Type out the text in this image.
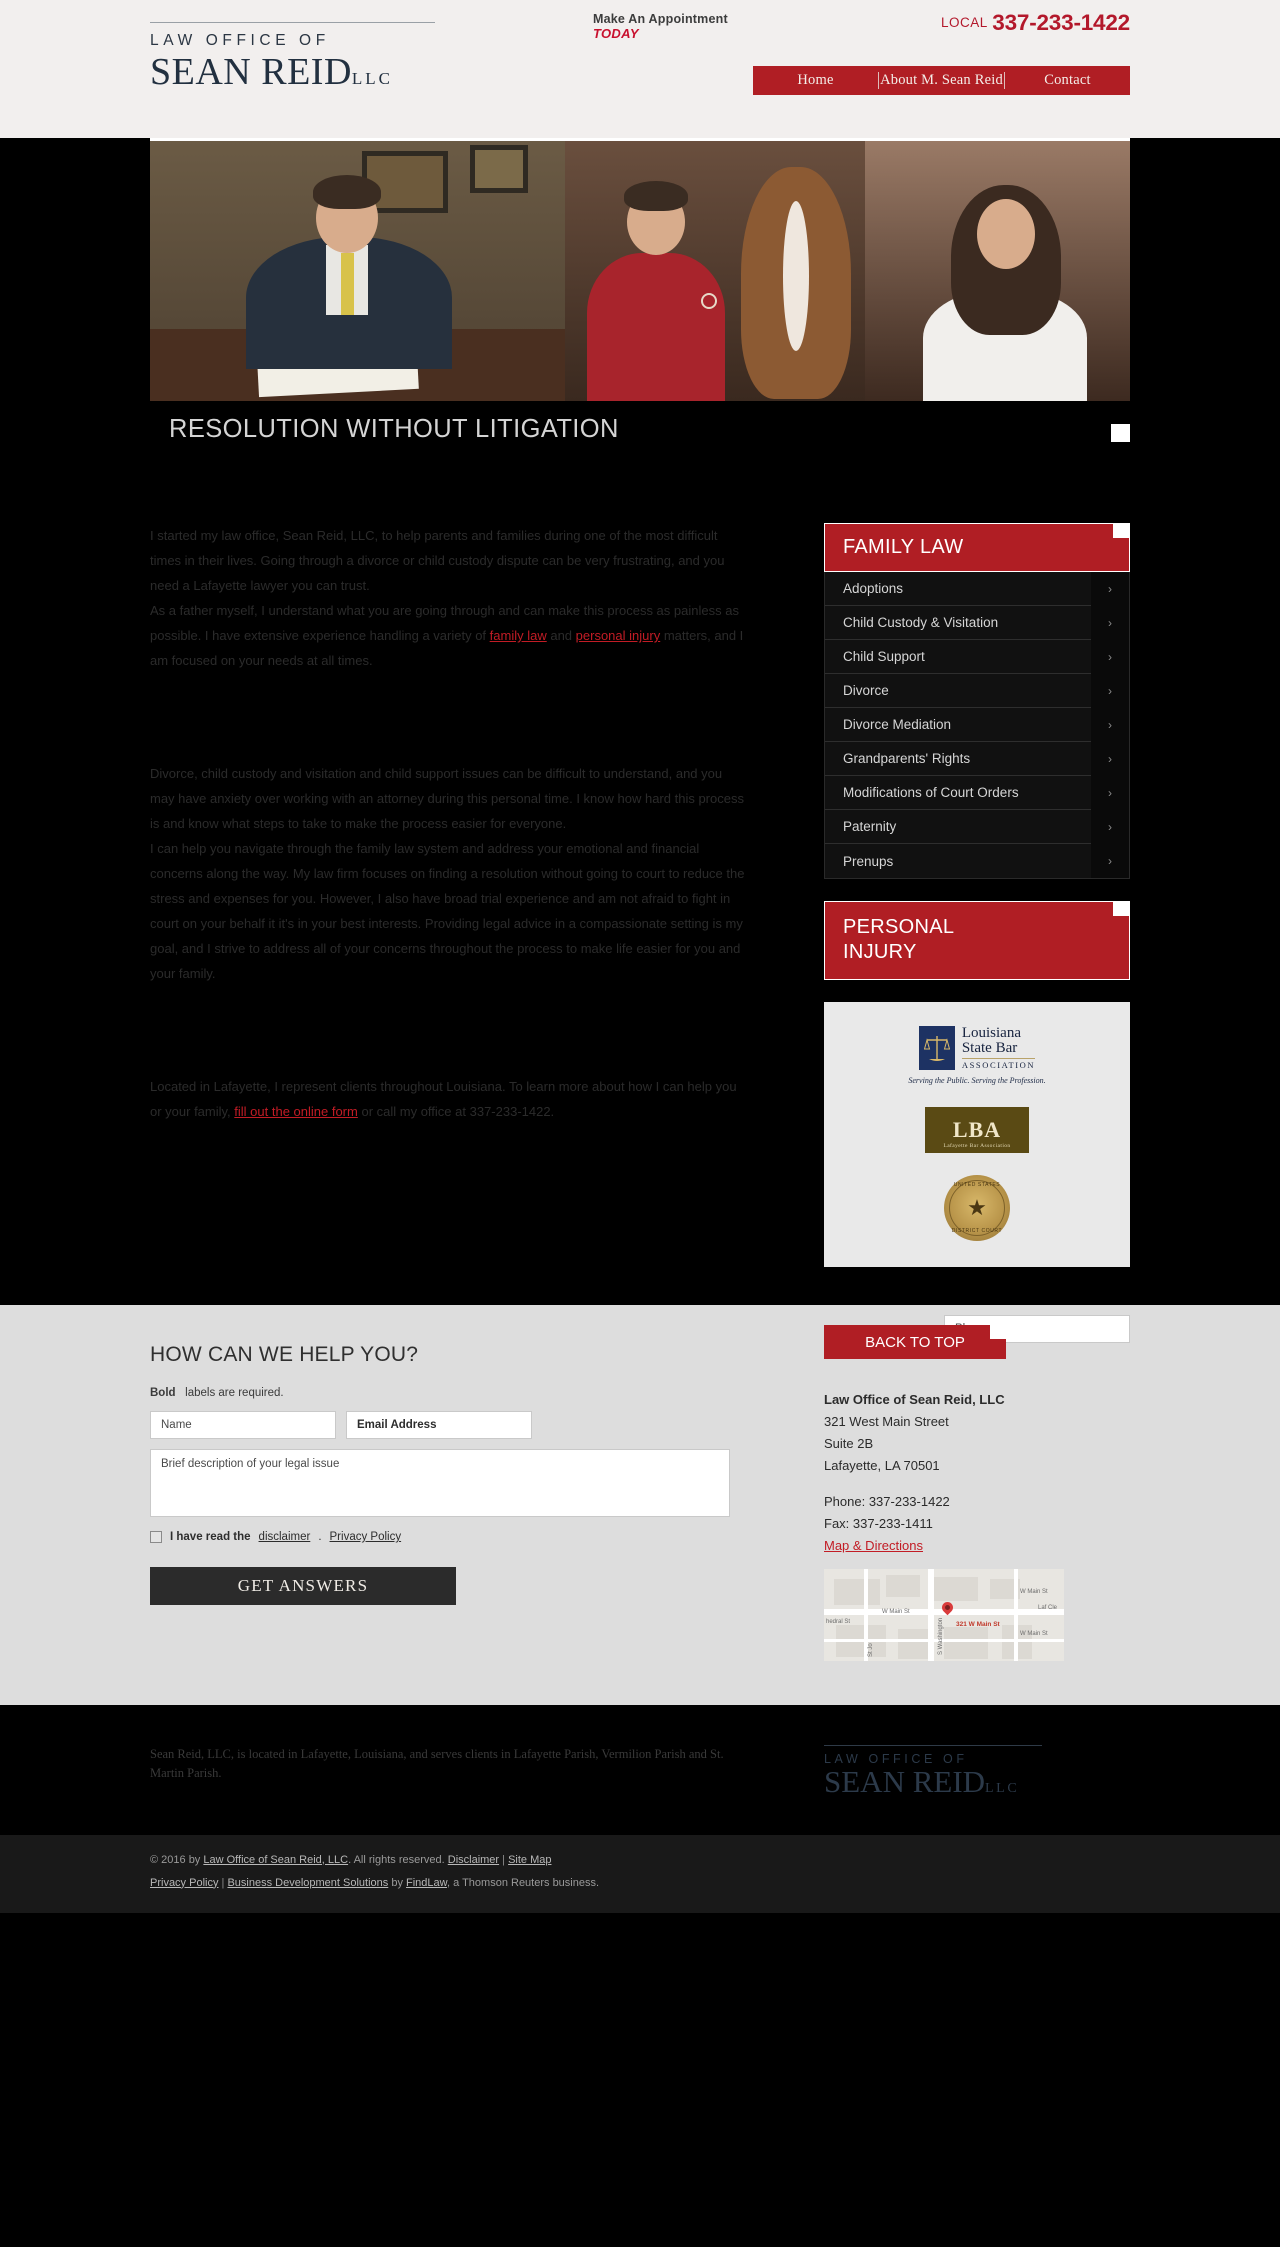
LAW OFFICE OF
SEAN REIDLLC
Make An Appointment
TODAY
LOCAL 337-233-1422
Home	About M. Sean Reid	Contact
RESOLUTION WITHOUT LITIGATION

I started my law office, Sean Reid, LLC, to help parents and families during one of the most difficult times in their lives. Going through a divorce or child custody dispute can be very frustrating, and you need a Lafayette lawyer you can trust.

As a father myself, I understand what you are going through and can make this process as painless as possible. I have extensive experience handling a variety of family law and personal injury matters, and I am focused on your needs at all times.

Divorce, child custody and visitation and child support issues can be difficult to understand, and you may have anxiety over working with an attorney during this personal time. I know how hard this process is and know what steps to take to make the process easier for everyone.

I can help you navigate through the family law system and address your emotional and financial concerns along the way. My law firm focuses on finding a resolution without going to court to reduce the stress and expenses for you. However, I also have broad trial experience and am not afraid to fight in court on your behalf it it's in your best interests. Providing legal advice in a compassionate setting is my goal, and I strive to address all of your concerns throughout the process to make life easier for you and your family.

Located in Lafayette, I represent clients throughout Louisiana. To learn more about how I can help you or your family, fill out the online form or call my office at 337-233-1422.

FAMILY LAW
Adoptions	›
Child Custody & Visitation	›
Child Support	›
Divorce	›
Divorce Mediation	›
Grandparents' Rights	›
Modifications of Court Orders	›
Paternity	›
Prenups	›
PERSONAL
INJURY
Louisiana
State Bar
ASSOCIATION
Serving the Public. Serving the Profession.
LBA
Lafayette Bar Association
UNITED STATES
★
DISTRICT COURT
HOW CAN WE HELP YOU?
Bold labels are required.
Name	Email Address
Brief description of your legal issue
I have read the disclaimer . Privacy Policy
GET ANSWERS
BACK TO TOP
Law Office of Sean Reid, LLC
321 West Main Street
Suite 2B
Lafayette, LA 70501
Phone: 337-233-1422
Fax: 337-233-1411
Map & Directions
321 W Main St
W Main St
W Main St
W Main St
S Washington
hedral St
St Jo
Laf Cle
Sean Reid, LLC, is located in Lafayette, Louisiana, and serves clients in Lafayette Parish, Vermilion Parish and St. Martin Parish.
LAW OFFICE OF
SEAN REIDLLC
© 2016 by Law Office of Sean Reid, LLC. All rights reserved. Disclaimer | Site Map
Privacy Policy | Business Development Solutions by FindLaw, a Thomson Reuters business.
